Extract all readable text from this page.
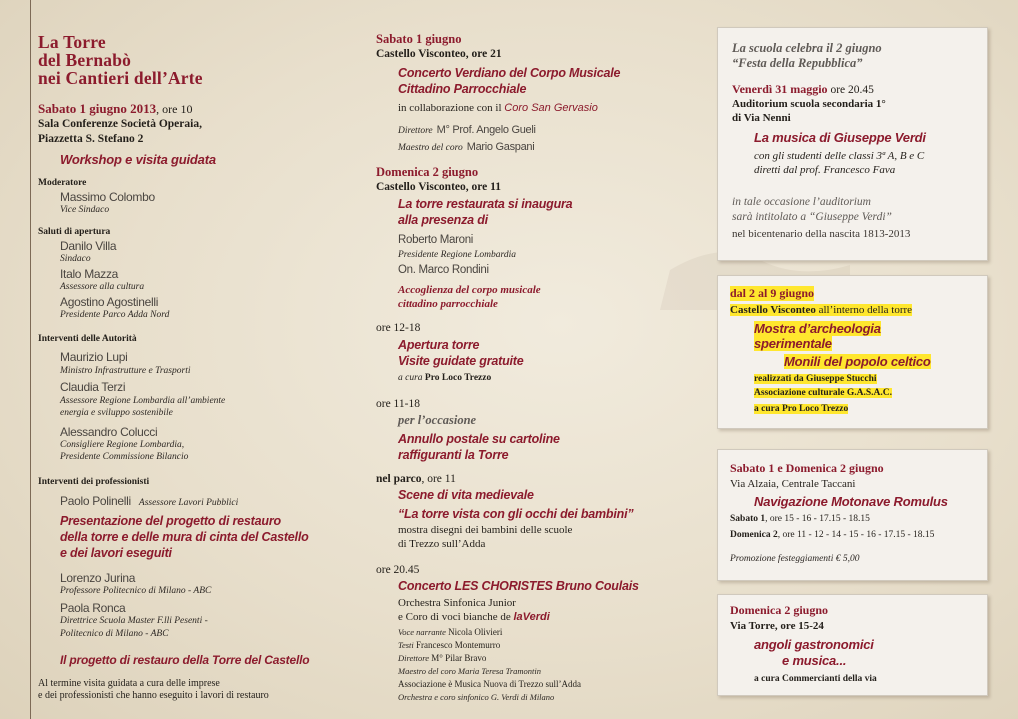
La Torre
del Bernabò
nei Cantieri dell’Arte
Sabato 1 giugno 2013, ore 10
Sala Conferenze Società Operaia,
Piazzetta S. Stefano 2
Workshop e visita guidata
Moderatore
Massimo Colombo
Vice Sindaco
Saluti di apertura
Danilo Villa
Sindaco
Italo Mazza
Assessore alla cultura
Agostino Agostinelli
Presidente Parco Adda Nord
Interventi delle Autorità
Maurizio Lupi
Ministro Infrastrutture e Trasporti
Claudia Terzi
Assessore Regione Lombardia all’ambiente
energia e sviluppo sostenibile
Alessandro Colucci
Consigliere Regione Lombardia,
Presidente Commissione Bilancio
Interventi dei professionisti
Paolo Polinelli Assessore Lavori Pubblici
Presentazione del progetto di restauro
della torre e delle mura di cinta del Castello
e dei lavori eseguiti
Lorenzo Jurina
Professore Politecnico di Milano - ABC
Paola Ronca
Direttrice Scuola Master F.lli Pesenti -
Politecnico di Milano - ABC
Il progetto di restauro della Torre del Castello
Al termine visita guidata a cura delle imprese
e dei professionisti che hanno eseguito i lavori di restauro
Sabato 1 giugno
Castello Visconteo, ore 21
Concerto Verdiano del Corpo Musicale
Cittadino Parrocchiale
in collaborazione con il Coro San Gervasio
Direttore M° Prof. Angelo Gueli
Maestro del coro Mario Gaspani
Domenica 2 giugno
Castello Visconteo, ore 11
La torre restaurata si inaugura
alla presenza di
Roberto Maroni
Presidente Regione Lombardia
On. Marco Rondini
Accoglienza del corpo musicale
cittadino parrocchiale
ore 12-18
Apertura torre
Visite guidate gratuite
a cura Pro Loco Trezzo
ore 11-18
per l’occasione
Annullo postale su cartoline
raffiguranti la Torre
nel parco, ore 11
Scene di vita medievale
“La torre vista con gli occhi dei bambini”
mostra disegni dei bambini delle scuole
di Trezzo sull’Adda
ore 20.45
Concerto LES CHORISTES Bruno Coulais
Orchestra Sinfonica Junior
e Coro di voci bianche de laVerdi
Voce narrante Nicola Olivieri
Testi Francesco Montemurro
Direttore M° Pilar Bravo
Maestro del coro Maria Teresa Tramontin
Associazione è Musica Nuova di Trezzo sull’Adda
Orchestra e coro sinfonico G. Verdi di Milano
La scuola celebra il 2 giugno
“Festa della Repubblica”
Venerdì 31 maggio ore 20.45
Auditorium scuola secondaria 1°
di Via Nenni
La musica di Giuseppe Verdi
con gli studenti delle classi 3ª A, B e C
diretti dal prof. Francesco Fava
in tale occasione l’auditorium
sarà intitolato a “Giuseppe Verdi”
nel bicentenario della nascita 1813-2013
dal 2 al 9 giugno
Castello Visconteo all’interno della torre
Mostra d’archeologia
sperimentale
Monili del popolo celtico
realizzati da Giuseppe Stucchi
Associazione culturale G.A.S.A.C.
a cura Pro Loco Trezzo
Sabato 1 e Domenica 2 giugno
Via Alzaia, Centrale Taccani
Navigazione Motonave Romulus
Sabato 1, ore 15 - 16 - 17.15 - 18.15
Domenica 2, ore 11 - 12 - 14 - 15 - 16 - 17.15 - 18.15
Promozione festeggiamenti € 5,00
Domenica 2 giugno
Via Torre, ore 15-24
angoli gastronomici
e musica...
a cura Commercianti della via
